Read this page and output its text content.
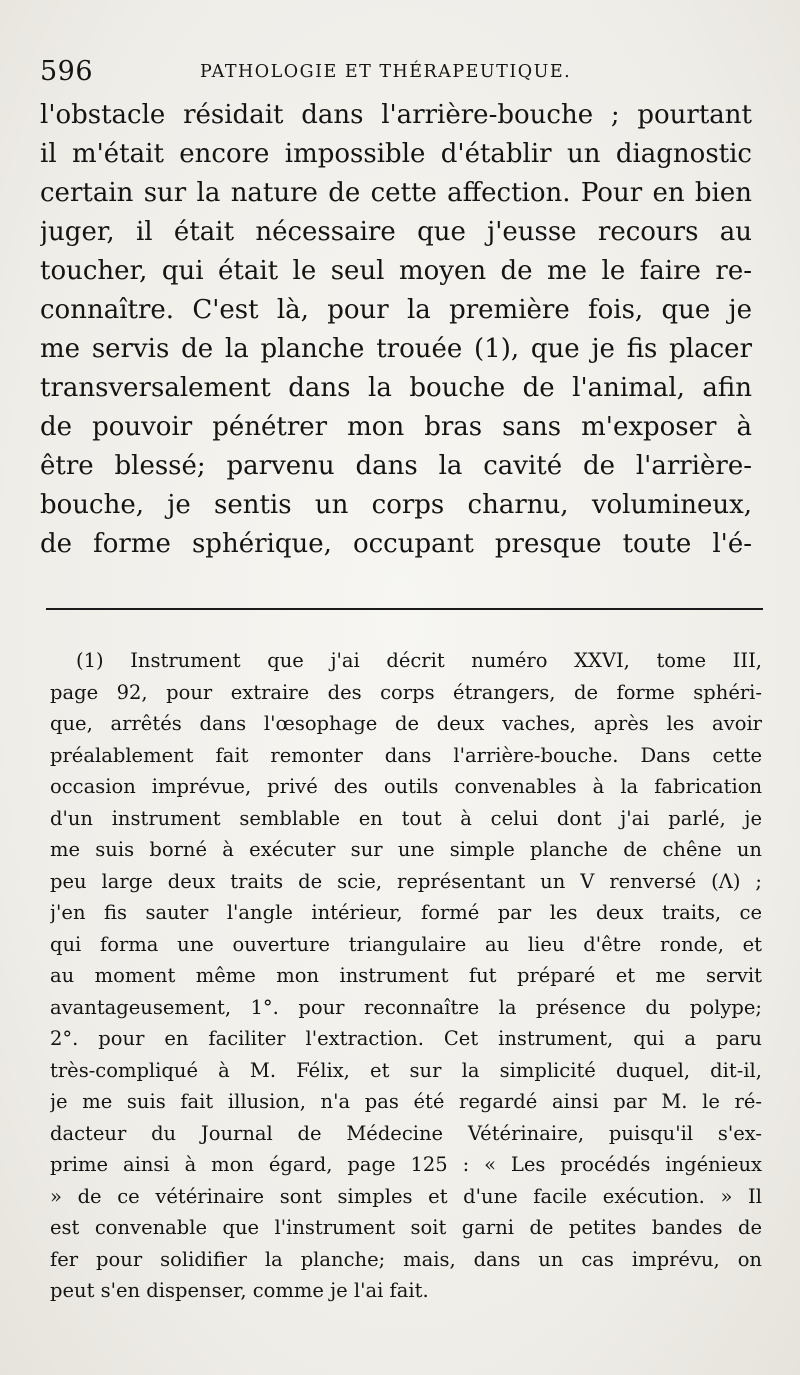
596	PATHOLOGIE ET THÉRAPEUTIQUE.
l'obstacle résidait dans l'arrière-bouche ; pourtant
il m'était encore impossible d'établir un diagnostic
certain sur la nature de cette affection. Pour en bien
juger, il était nécessaire que j'eusse recours au
toucher, qui était le seul moyen de me le faire re-
connaître. C'est là, pour la première fois, que je
me servis de la planche trouée (1), que je fis placer
transversalement dans la bouche de l'animal, afin
de pouvoir pénétrer mon bras sans m'exposer à
être blessé; parvenu dans la cavité de l'arrière-
bouche, je sentis un corps charnu, volumineux,
de forme sphérique, occupant presque toute l'é-
(1) Instrument que j'ai décrit numéro XXVI, tome III,
page 92, pour extraire des corps étrangers, de forme sphéri-
que, arrêtés dans l'œsophage de deux vaches, après les avoir
préalablement fait remonter dans l'arrière-bouche. Dans cette
occasion imprévue, privé des outils convenables à la fabrication
d'un instrument semblable en tout à celui dont j'ai parlé, je
me suis borné à exécuter sur une simple planche de chêne un
peu large deux traits de scie, représentant un V renversé (Λ) ;
j'en fis sauter l'angle intérieur, formé par les deux traits, ce
qui forma une ouverture triangulaire au lieu d'être ronde, et
au moment même mon instrument fut préparé et me servit
avantageusement, 1°. pour reconnaître la présence du polype;
2°. pour en faciliter l'extraction. Cet instrument, qui a paru
très-compliqué à M. Félix, et sur la simplicité duquel, dit-il,
je me suis fait illusion, n'a pas été regardé ainsi par M. le ré-
dacteur du Journal de Médecine Vétérinaire, puisqu'il s'ex-
prime ainsi à mon égard, page 125 : « Les procédés ingénieux
» de ce vétérinaire sont simples et d'une facile exécution. » Il
est convenable que l'instrument soit garni de petites bandes de
fer pour solidifier la planche; mais, dans un cas imprévu, on
peut s'en dispenser, comme je l'ai fait.
